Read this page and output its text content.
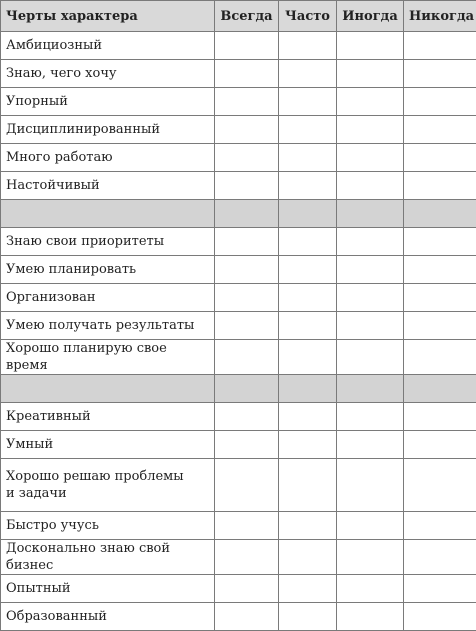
Черты характера	Всегда	Часто	Иногда	Никогда

Амбициозный				

Знаю, чего хочу				

Упорный				

Дисциплинированный				

Много работаю				

Настойчивый				

Знаю свои приоритеты				

Умею планировать				

Организован				

Умею получать результаты				

Хорошо планирую свое время				

Креативный				

Умный				

Хорошо решаю проблемы
и задачи				

Быстро учусь				

Досконально знаю свой бизнес				

Опытный				

Образованный				
